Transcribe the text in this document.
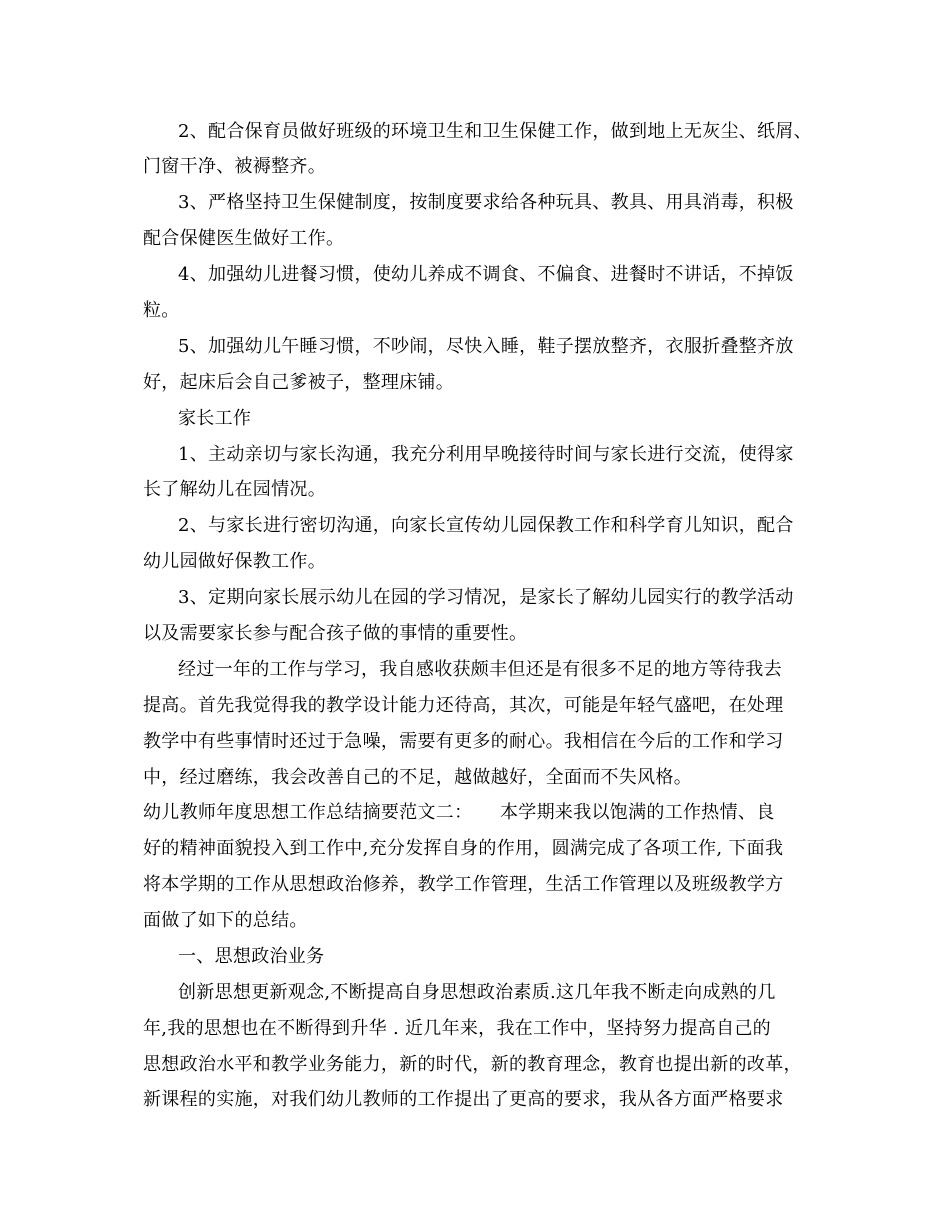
2、配合保育员做好班级的环境卫生和卫生保健工作，做到地上无灰尘、纸屑、
门窗干净、被褥整齐。
3、严格坚持卫生保健制度，按制度要求给各种玩具、教具、用具消毒，积极
配合保健医生做好工作。
4、加强幼儿进餐习惯，使幼儿养成不调食、不偏食、进餐时不讲话，不掉饭
粒。
5、加强幼儿午睡习惯，不吵闹，尽快入睡，鞋子摆放整齐，衣服折叠整齐放
好，起床后会自己爹被子，整理床铺。
家长工作
1、主动亲切与家长沟通，我充分利用早晚接待时间与家长进行交流，使得家
长了解幼儿在园情况。
2、与家长进行密切沟通，向家长宣传幼儿园保教工作和科学育儿知识，配合
幼儿园做好保教工作。
3、定期向家长展示幼儿在园的学习情况，是家长了解幼儿园实行的教学活动
以及需要家长参与配合孩子做的事情的重要性。
经过一年的工作与学习，我自感收获颇丰但还是有很多不足的地方等待我去
提高。首先我觉得我的教学设计能力还待高，其次，可能是年轻气盛吧，在处理
教学中有些事情时还过于急噪，需要有更多的耐心。我相信在今后的工作和学习
中，经过磨练，我会改善自己的不足，越做越好，全面而不失风格。
幼儿教师年度思想工作总结摘要范文二：　　本学期来我以饱满的工作热情、良
好的精神面貌投入到工作中,充分发挥自身的作用，圆满完成了各项工作, 下面我
将本学期的工作从思想政治修养，教学工作管理，生活工作管理以及班级教学方
面做了如下的总结。
一、思想政治业务
创新思想更新观念,不断提高自身思想政治素质.这几年我不断走向成熟的几
年,我的思想也在不断得到升华 . 近几年来，我在工作中，坚持努力提高自己的
思想政治水平和教学业务能力，新的时代，新的教育理念，教育也提出新的改革，
新课程的实施，对我们幼儿教师的工作提出了更高的要求，我从各方面严格要求
